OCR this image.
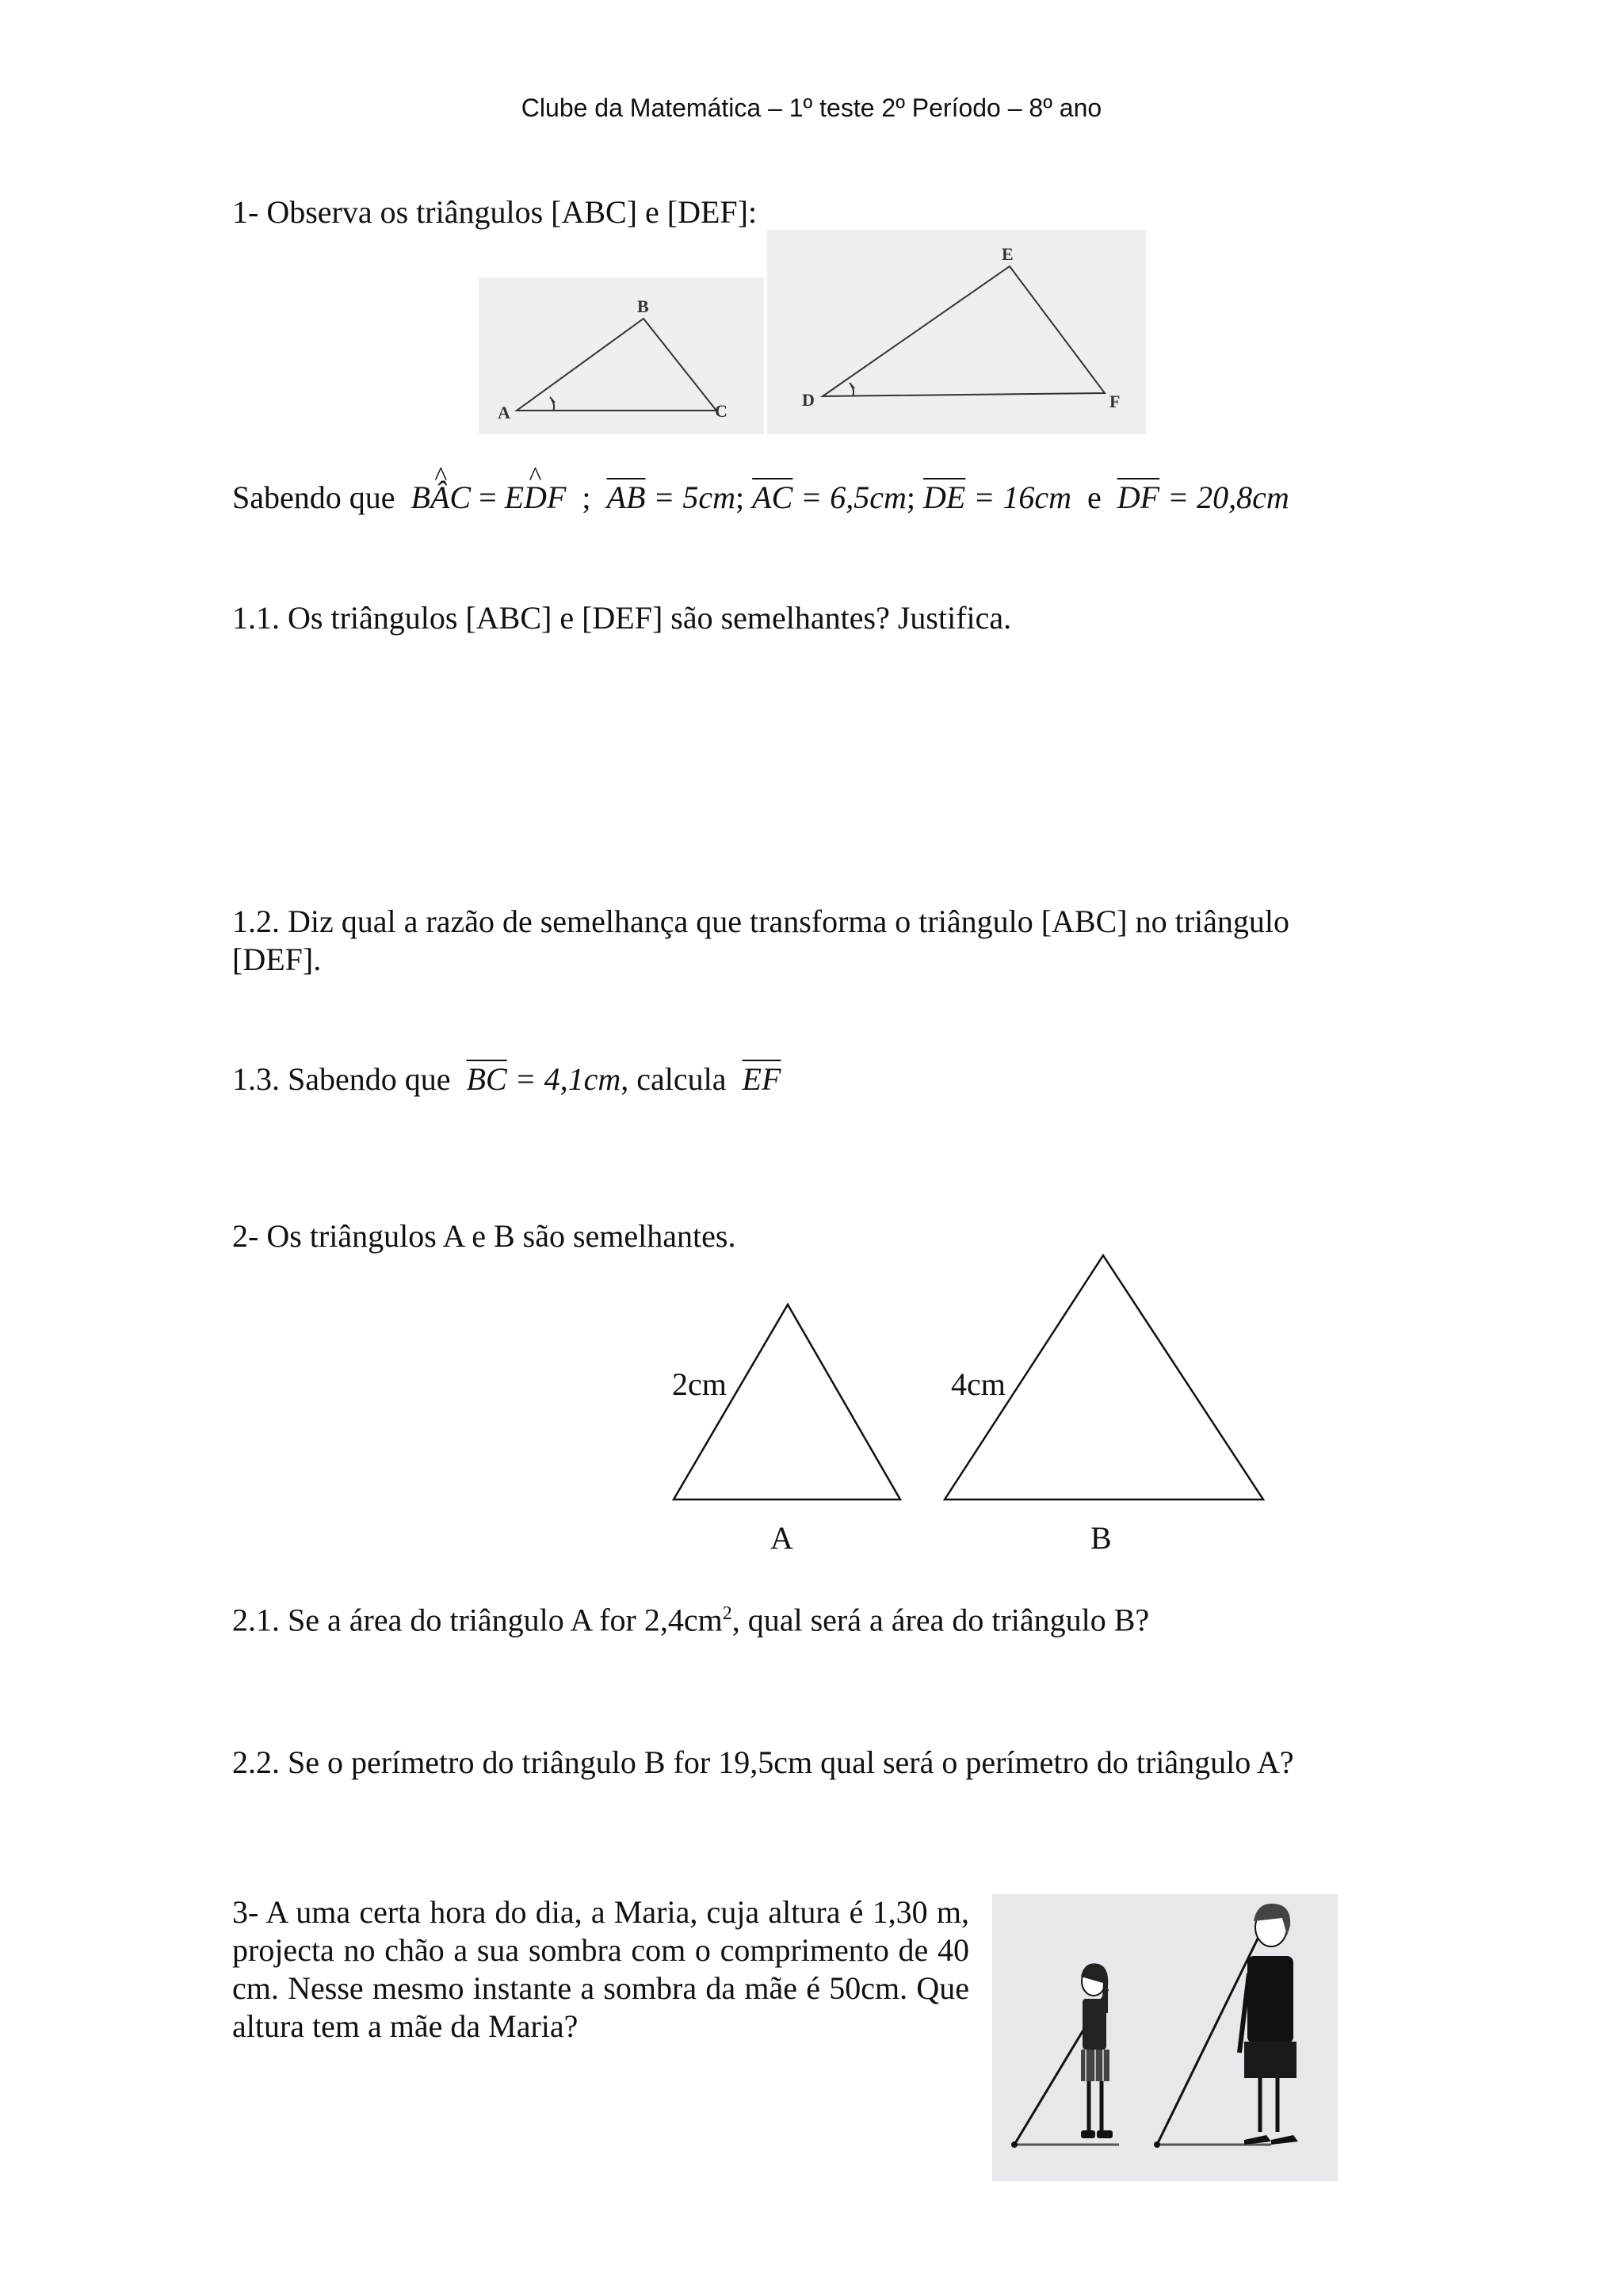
Clube da Matemática – 1º teste 2º Período – 8º ano
1- Observa os triângulos [ABC] e [DEF]:
A
B
C
D
E
F
Sabendo que ^ BÂC = ^ EDF ; $\overline{AB} = 5cm$; $\overline{AC} = 6,5cm$; $\overline{DE} = 16cm$ e $\overline{DF} = 20,8cm$
1.1. Os triângulos [ABC] e [DEF] são semelhantes? Justifica.
1.2. Diz qual a razão de semelhança que transforma o triângulo [ABC] no triângulo
[DEF].
1.3. Sabendo que $\overline{BC} = 4,1cm$, calcula $\overline{EF}$
2- Os triângulos A e B são semelhantes.
2cm	4cm
A	B
2.1. Se a área do triângulo A for $2,4cm^2$, qual será a área do triângulo B?
2.2. Se o perímetro do triângulo B for 19,5cm qual será o perímetro do triângulo A?
3- A uma certa hora do dia, a Maria, cuja altura é 1,30 m, projecta no chão a sua sombra com o comprimento de 40 cm. Nesse mesmo instante a sombra da mãe é 50cm. Que altura tem a mãe da Maria?
